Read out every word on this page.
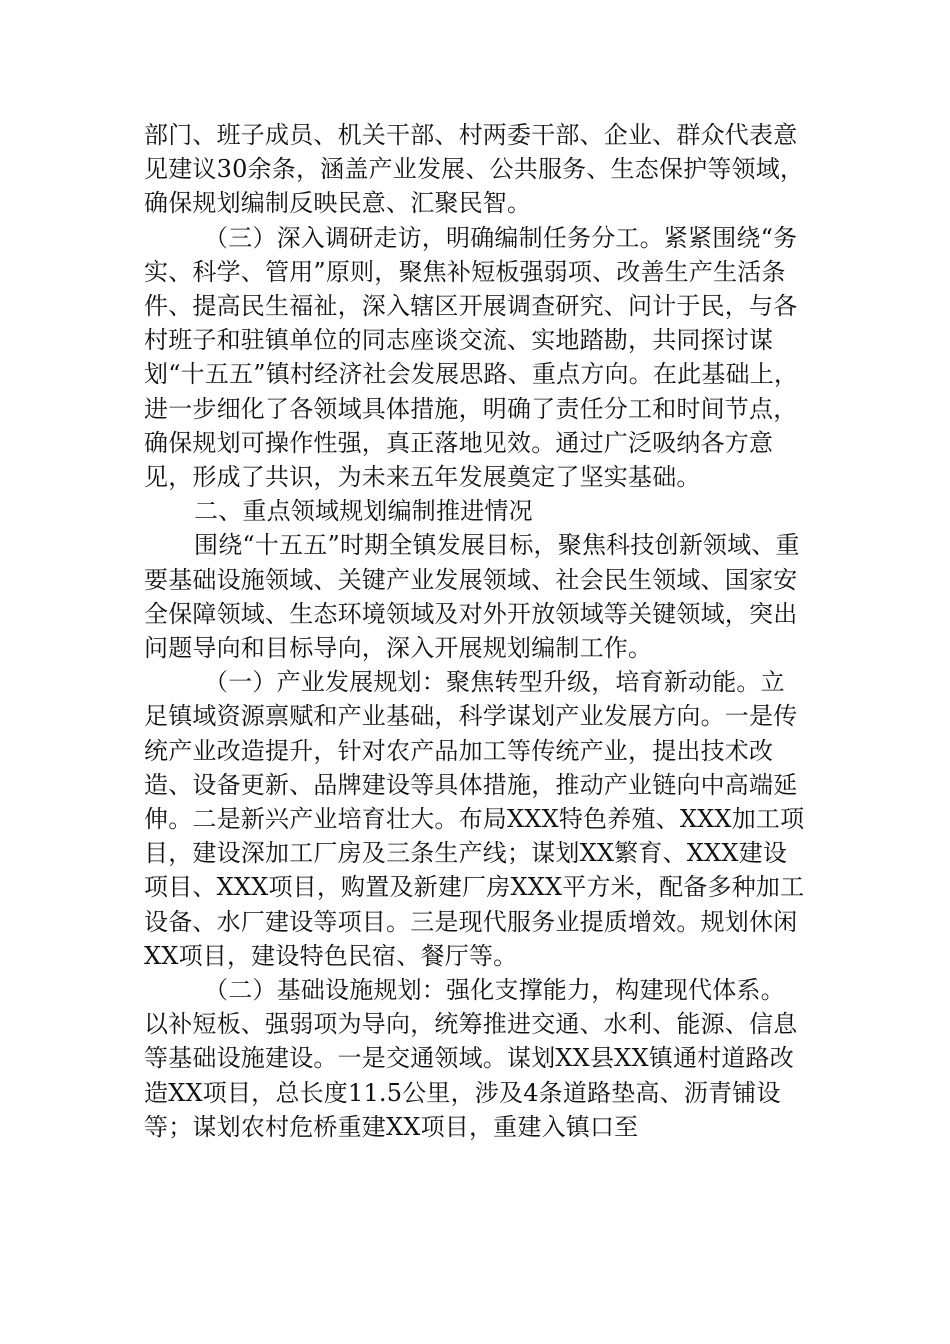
部门、班子成员、机关干部、村两委干部、企业、群众代表意见建议30余条，涵盖产业发展、公共服务、生态保护等领域，确保规划编制反映民意、汇聚民智。

（三）深入调研走访，明确编制任务分工。紧紧围绕“务实、科学、管用”原则，聚焦补短板强弱项、改善生产生活条件、提高民生福祉，深入辖区开展调查研究、问计于民，与各村班子和驻镇单位的同志座谈交流、实地踏勘，共同探讨谋划“十五五”镇村经济社会发展思路、重点方向。在此基础上，进一步细化了各领域具体措施，明确了责任分工和时间节点，确保规划可操作性强，真正落地见效。通过广泛吸纳各方意见，形成了共识，为未来五年发展奠定了坚实基础。

二、重点领域规划编制推进情况

围绕“十五五”时期全镇发展目标，聚焦科技创新领域、重要基础设施领域、关键产业发展领域、社会民生领域、国家安全保障领域、生态环境领域及对外开放领域等关键领域，突出问题导向和目标导向，深入开展规划编制工作。

（一）产业发展规划：聚焦转型升级，培育新动能。立足镇域资源禀赋和产业基础，科学谋划产业发展方向。一是传统产业改造提升，针对农产品加工等传统产业，提出技术改造、设备更新、品牌建设等具体措施，推动产业链向中高端延伸。二是新兴产业培育壮大。布局XXX特色养殖、XXX加工项目，建设深加工厂房及三条生产线；谋划XX繁育、XXX建设项目、XXX项目，购置及新建厂房XXX平方米，配备多种加工设备、水厂建设等项目。三是现代服务业提质增效。规划休闲XX项目，建设特色民宿、餐厅等。

（二）基础设施规划：强化支撑能力，构建现代体系。以补短板、强弱项为导向，统筹推进交通、水利、能源、信息等基础设施建设。一是交通领域。谋划XX县XX镇通村道路改造XX项目，总长度11.5公里，涉及4条道路垫高、沥青铺设等；谋划农村危桥重建XX项目，重建入镇口至
